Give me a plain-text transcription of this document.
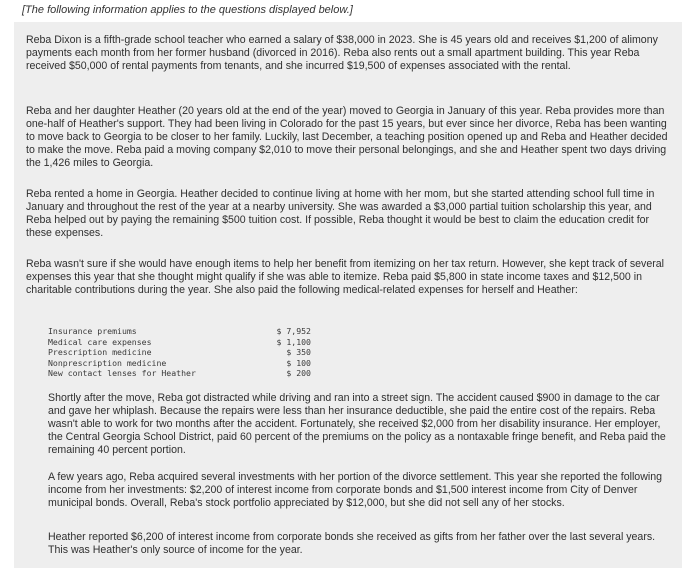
[The following information applies to the questions displayed below.]

Reba Dixon is a fifth-grade school teacher who earned a salary of $38,000 in 2023. She is 45 years old and receives $1,200 of alimony payments each month from her former husband (divorced in 2016). Reba also rents out a small apartment building. This year Reba received $50,000 of rental payments from tenants, and she incurred $19,500 of expenses associated with the rental.

Reba and her daughter Heather (20 years old at the end of the year) moved to Georgia in January of this year. Reba provides more than one-half of Heather's support. They had been living in Colorado for the past 15 years, but ever since her divorce, Reba has been wanting to move back to Georgia to be closer to her family. Luckily, last December, a teaching position opened up and Reba and Heather decided to make the move. Reba paid a moving company $2,010 to move their personal belongings, and she and Heather spent two days driving the 1,426 miles to Georgia.

Reba rented a home in Georgia. Heather decided to continue living at home with her mom, but she started attending school full time in January and throughout the rest of the year at a nearby university. She was awarded a $3,000 partial tuition scholarship this year, and Reba helped out by paying the remaining $500 tuition cost. If possible, Reba thought it would be best to claim the education credit for these expenses.

Reba wasn't sure if she would have enough items to help her benefit from itemizing on her tax return. However, she kept track of several expenses this year that she thought might qualify if she was able to itemize. Reba paid $5,800 in state income taxes and $12,500 in charitable contributions during the year. She also paid the following medical-related expenses for herself and Heather:

Insurance premiums	$ 7,952
Medical care expenses	$ 1,100
Prescription medicine	$ 350
Nonprescription medicine	$ 100
New contact lenses for Heather	$ 200

Shortly after the move, Reba got distracted while driving and ran into a street sign. The accident caused $900 in damage to the car and gave her whiplash. Because the repairs were less than her insurance deductible, she paid the entire cost of the repairs. Reba wasn't able to work for two months after the accident. Fortunately, she received $2,000 from her disability insurance. Her employer, the Central Georgia School District, paid 60 percent of the premiums on the policy as a nontaxable fringe benefit, and Reba paid the remaining 40 percent portion.

A few years ago, Reba acquired several investments with her portion of the divorce settlement. This year she reported the following income from her investments: $2,200 of interest income from corporate bonds and $1,500 interest income from City of Denver municipal bonds. Overall, Reba's stock portfolio appreciated by $12,000, but she did not sell any of her stocks.

Heather reported $6,200 of interest income from corporate bonds she received as gifts from her father over the last several years. This was Heather's only source of income for the year.
